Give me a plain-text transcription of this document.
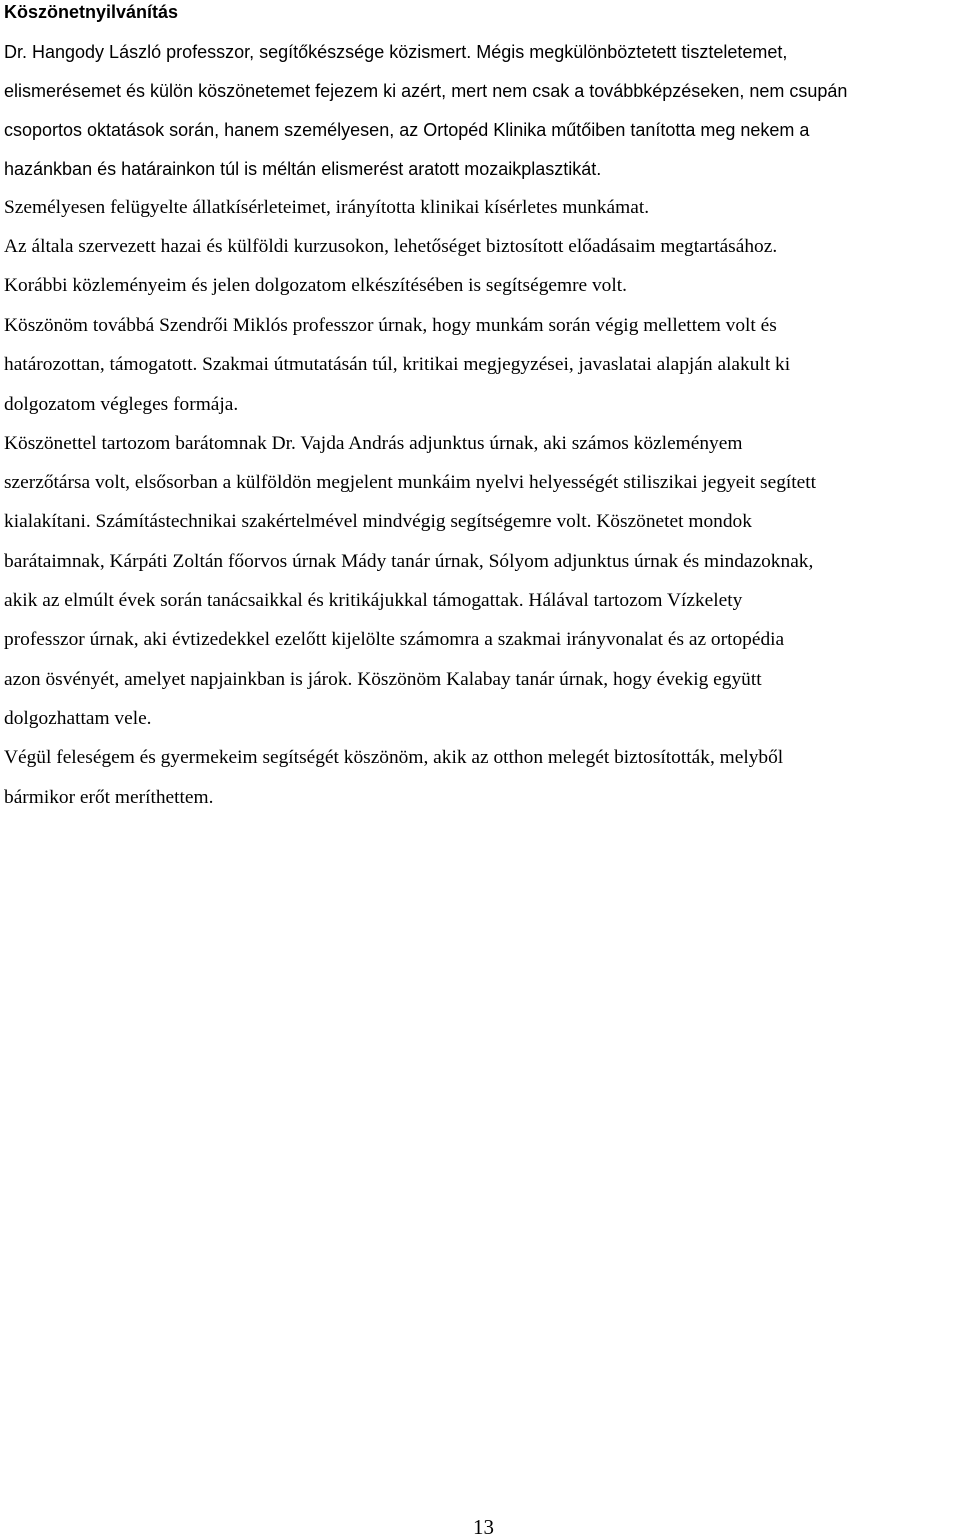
Köszönetnyilvánítás

Dr. Hangody László professzor, segítőkészsége közismert. Mégis megkülönböztetett tiszteletemet,

elismerésemet és külön köszönetemet fejezem ki azért, mert nem csak a továbbképzéseken, nem csupán

csoportos oktatások során, hanem személyesen, az Ortopéd Klinika műtőiben tanította meg nekem a

hazánkban és határainkon túl is méltán elismerést aratott mozaikplasztikát.

Személyesen felügyelte állatkísérleteimet, irányította klinikai kísérletes munkámat.

Az általa szervezett hazai és külföldi kurzusokon, lehetőséget biztosított előadásaim megtartásához.

Korábbi közleményeim és jelen dolgozatom elkészítésében is segítségemre volt.

Köszönöm továbbá Szendrői Miklós professzor úrnak, hogy munkám során végig mellettem volt és

határozottan, támogatott. Szakmai útmutatásán túl, kritikai megjegyzései, javaslatai alapján alakult ki

dolgozatom végleges formája.

Köszönettel tartozom barátomnak Dr. Vajda András adjunktus úrnak, aki számos közleményem

szerzőtársa volt, elsősorban a külföldön megjelent munkáim nyelvi helyességét stiliszikai jegyeit segített

kialakítani. Számítástechnikai szakértelmével mindvégig segítségemre volt. Köszönetet mondok

barátaimnak, Kárpáti Zoltán főorvos úrnak Mády tanár úrnak, Sólyom adjunktus úrnak és mindazoknak,

akik az elmúlt évek során tanácsaikkal és kritikájukkal támogattak. Hálával tartozom Vízkelety

professzor úrnak, aki évtizedekkel ezelőtt kijelölte számomra a szakmai irányvonalat és az ortopédia

azon ösvényét, amelyet napjainkban is járok. Köszönöm Kalabay tanár úrnak, hogy évekig együtt

dolgozhattam vele.

Végül feleségem és gyermekeim segítségét köszönöm, akik az otthon melegét biztosították, melyből

bármikor erőt meríthettem.

13
